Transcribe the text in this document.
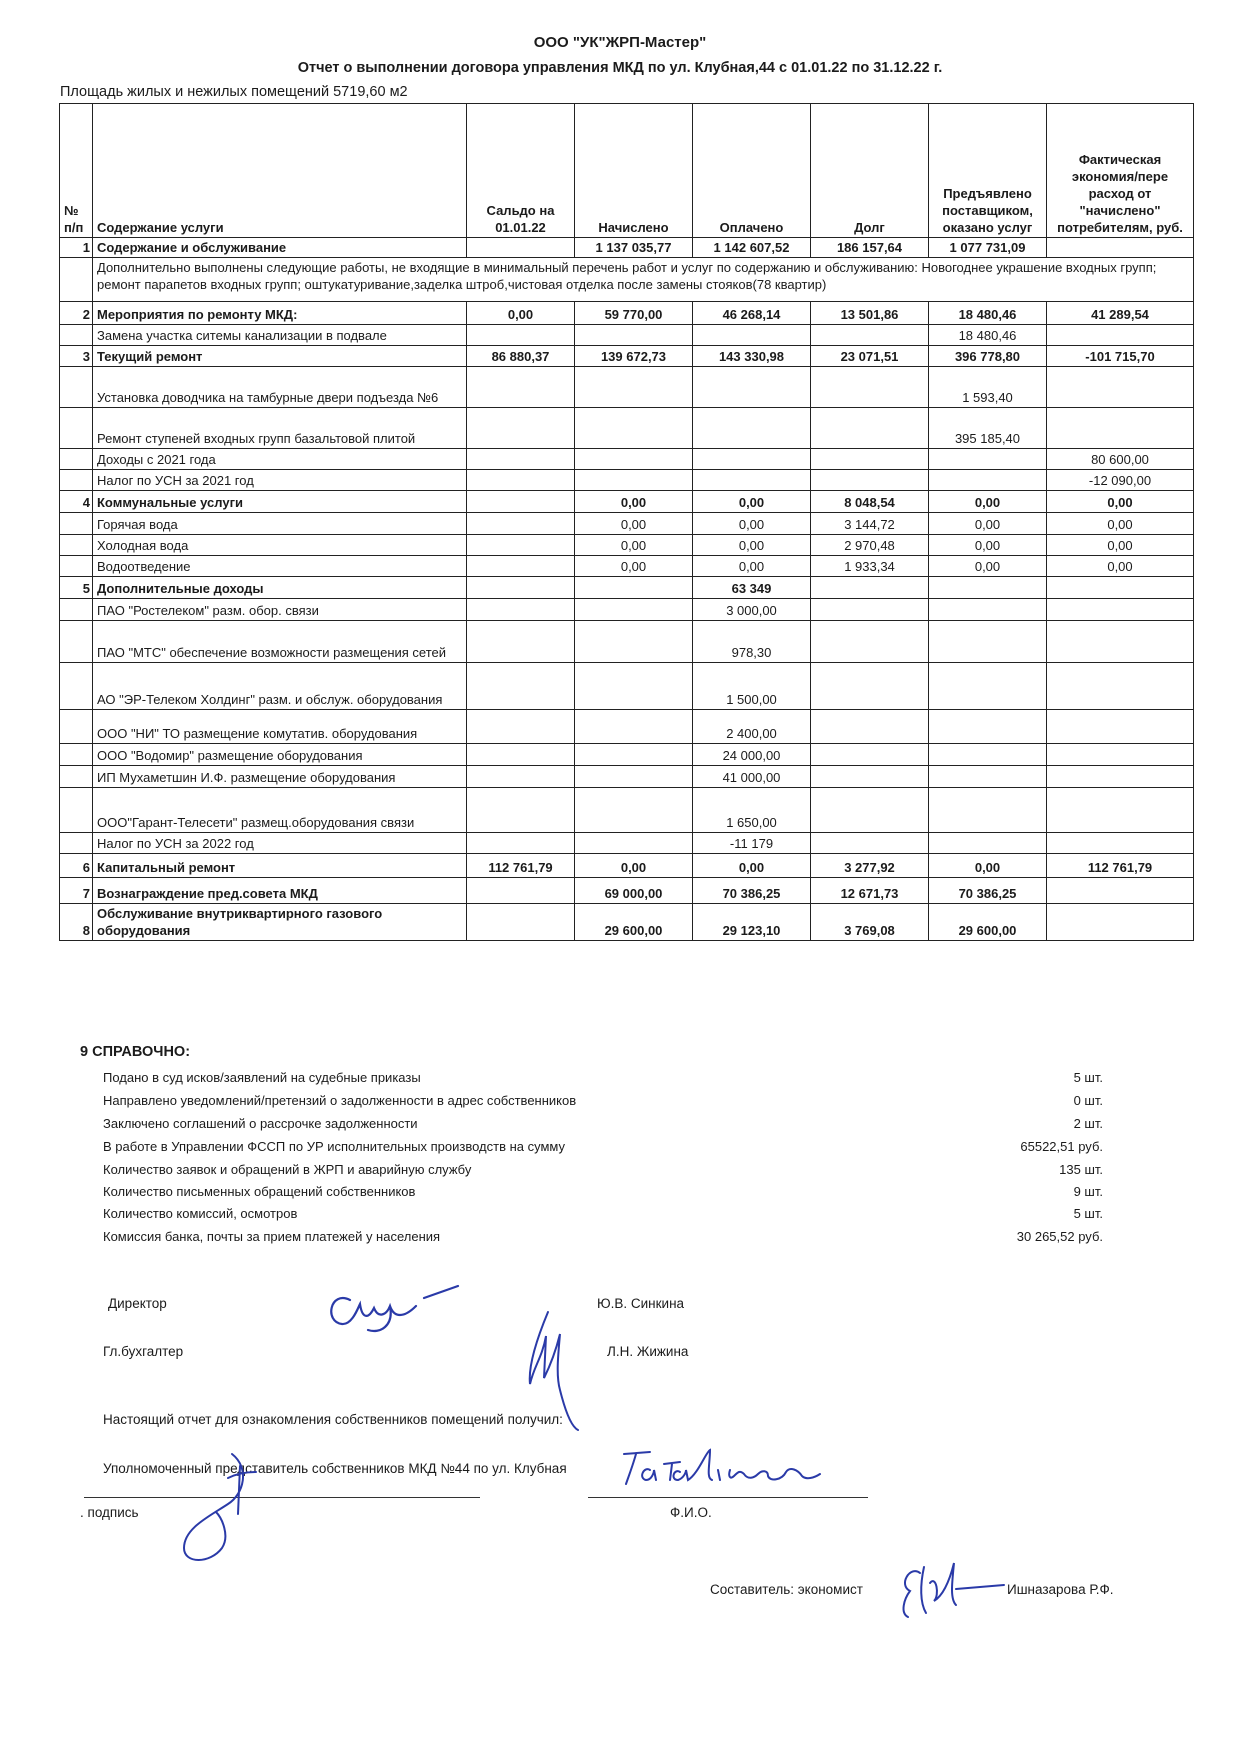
ООО "УК"ЖРП-Мастер"
Отчет о выполнении договора управления МКД по ул. Клубная,44 с 01.01.22 по 31.12.22 г.
Площадь жилых и нежилых помещений 5719,60 м2
№
п/п	Содержание услуги	Сальдо на 01.01.22	Начислено	Оплачено	Долг	Предъявлено поставщиком, оказано услуг	Фактическая экономия/пере расход от "начислено" потребителям, руб.
1	Содержание и обслуживание		1 137 035,77	1 142 607,52	186 157,64	1 077 731,09	
	Дополнительно выполнены следующие работы, не входящие в минимальный перечень работ и услуг по содержанию и обслуживанию: Новогоднее украшение входных групп; ремонт парапетов входных групп; оштукатуривание,заделка штроб,чистовая отделка после замены стояков(78 квартир)						
2	Мероприятия по ремонту МКД:	0,00	59 770,00	46 268,14	13 501,86	18 480,46	41 289,54
	Замена участка ситемы канализации в подвале					18 480,46	
3	Текущий ремонт	86 880,37	139 672,73	143 330,98	23 071,51	396 778,80	-101 715,70
	Установка доводчика на тамбурные двери подъезда №6					1 593,40	
	Ремонт ступеней входных групп базальтовой плитой					395 185,40	
	Доходы с 2021 года						80 600,00
	Налог по УСН за 2021 год						-12 090,00
4	Коммунальные услуги		0,00	0,00	8 048,54	0,00	0,00
	Горячая вода		0,00	0,00	3 144,72	0,00	0,00
	Холодная вода		0,00	0,00	2 970,48	0,00	0,00
	Водоотведение		0,00	0,00	1 933,34	0,00	0,00
5	Дополнительные доходы			63 349			
	ПАО "Ростелеком" разм. обор. связи			3 000,00			
	ПАО "МТС" обеспечение возможности размещения сетей			978,30			
	АО "ЭР-Телеком Холдинг" разм. и обслуж. оборудования			1 500,00			
	ООО "НИ" ТО размещение комутатив. оборудования			2 400,00			
	ООО "Водомир" размещение оборудования			24 000,00			
	ИП Мухаметшин И.Ф. размещение оборудования			41 000,00			
	ООО"Гарант-Телесети" размещ.оборудования связи			1 650,00			
	Налог по УСН за 2022 год			-11 179			
6	Капитальный ремонт	112 761,79	0,00	0,00	3 277,92	0,00	112 761,79
7	Вознаграждение пред.совета МКД		69 000,00	70 386,25	12 671,73	70 386,25	
8	Обслуживание внутриквартирного газового оборудования		29 600,00	29 123,10	3 769,08	29 600,00	
9 СПРАВОЧНО:
Подано в суд исков/заявлений на судебные приказы	5 шт.
Направлено уведомлений/претензий о задолженности в адрес собственников	0 шт.
Заключено соглашений о рассрочке задолженности	2 шт.
В работе в Управлении ФССП по УР исполнительных производств на сумму	65522,51 руб.
Количество заявок и обращений в ЖРП и аварийную службу	135 шт.
Количество письменных обращений собственников	9 шт.
Количество комиссий, осмотров	5 шт.
Комиссия банка, почты за прием платежей у населения	30 265,52 руб.
Директор	Ю.В. Синкина
Гл.бухгалтер	Л.Н. Жижина
Настоящий отчет для ознакомления собственников помещений получил:
Уполномоченный представитель собственников МКД №44 по ул. Клубная
. подпись	Ф.И.О.
Составитель: экономист	Ишназарова Р.Ф.
